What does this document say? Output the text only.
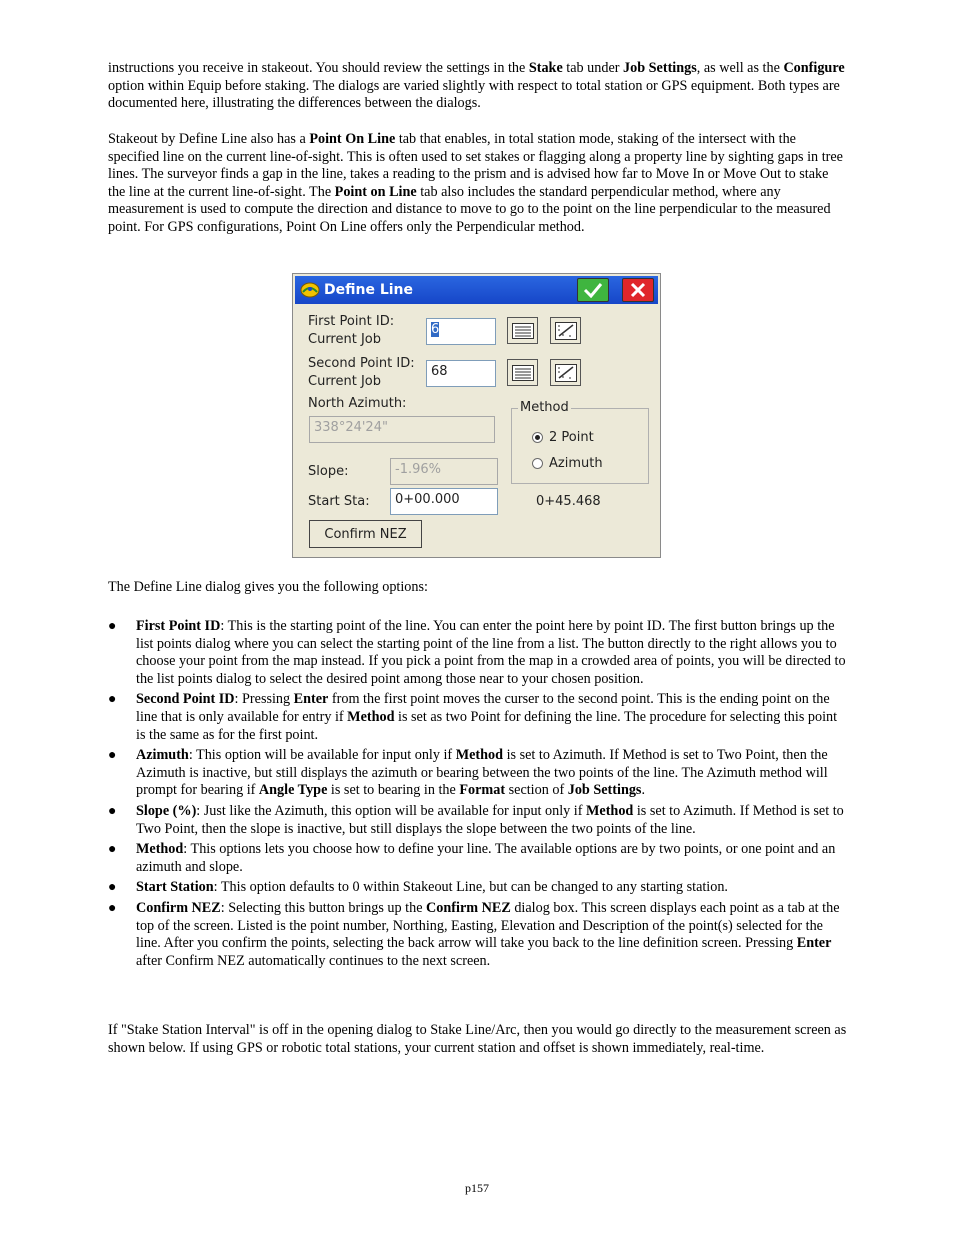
instructions you receive in stakeout. You should review the settings in the Stake tab under Job Settings, as well as the Configure option within Equip before staking. The dialogs are varied slightly with respect to total station or GPS equipment. Both types are documented here, illustrating the differences between the dialogs.

Stakeout by Define Line also has a Point On Line tab that enables, in total station mode, staking of the intersect with the specified line on the current line-of-sight. This is often used to set stakes or flagging along a property line by sighting gaps in tree lines. The surveyor finds a gap in the line, takes a reading to the prism and is advised how far to Move In or Move Out to stake the line at the current line-of-sight. The Point on Line tab also includes the standard perpendicular method, where any measurement is used to compute the direction and distance to move to go to the point on the line perpendicular to the measured point. For GPS configurations, Point On Line offers only the Perpendicular method.

Define Line
First Point ID:
Current Job
6
Second Point ID:
Current Job
68
North Azimuth:
338°24'24"
Method
2 Point
Azimuth
Slope:	-1.96%
Start Sta:	0+00.000	0+45.468
Confirm NEZ

The Define Line dialog gives you the following options:

● First Point ID: This is the starting point of the line. You can enter the point here by point ID. The first button brings up the list points dialog where you can select the starting point of the line from a list. The button directly to the right allows you to choose your point from the map instead. If you pick a point from the map in a crowded area of points, you will be directed to the list points dialog to select the desired point among those near to your chosen position.
● Second Point ID: Pressing Enter from the first point moves the curser to the second point. This is the ending point on the line that is only available for entry if Method is set as two Point for defining the line. The procedure for selecting this point is the same as for the first point.
● Azimuth: This option will be available for input only if Method is set to Azimuth. If Method is set to Two Point, then the Azimuth is inactive, but still displays the azimuth or bearing between the two points of the line. The Azimuth method will prompt for bearing if Angle Type is set to bearing in the Format section of Job Settings.
● Slope (%): Just like the Azimuth, this option will be available for input only if Method is set to Azimuth. If Method is set to Two Point, then the slope is inactive, but still displays the slope between the two points of the line.
● Method: This options lets you choose how to define your line. The available options are by two points, or one point and an azimuth and slope.
● Start Station: This option defaults to 0 within Stakeout Line, but can be changed to any starting station.
● Confirm NEZ: Selecting this button brings up the Confirm NEZ dialog box. This screen displays each point as a tab at the top of the screen. Listed is the point number, Northing, Easting, Elevation and Description of the point(s) selected for the line. After you confirm the points, selecting the back arrow will take you back to the line definition screen. Pressing Enter after Confirm NEZ automatically continues to the next screen.

If "Stake Station Interval" is off in the opening dialog to Stake Line/Arc, then you would go directly to the measurement screen as shown below. If using GPS or robotic total stations, your current station and offset is shown immediately, real-time.

p157
